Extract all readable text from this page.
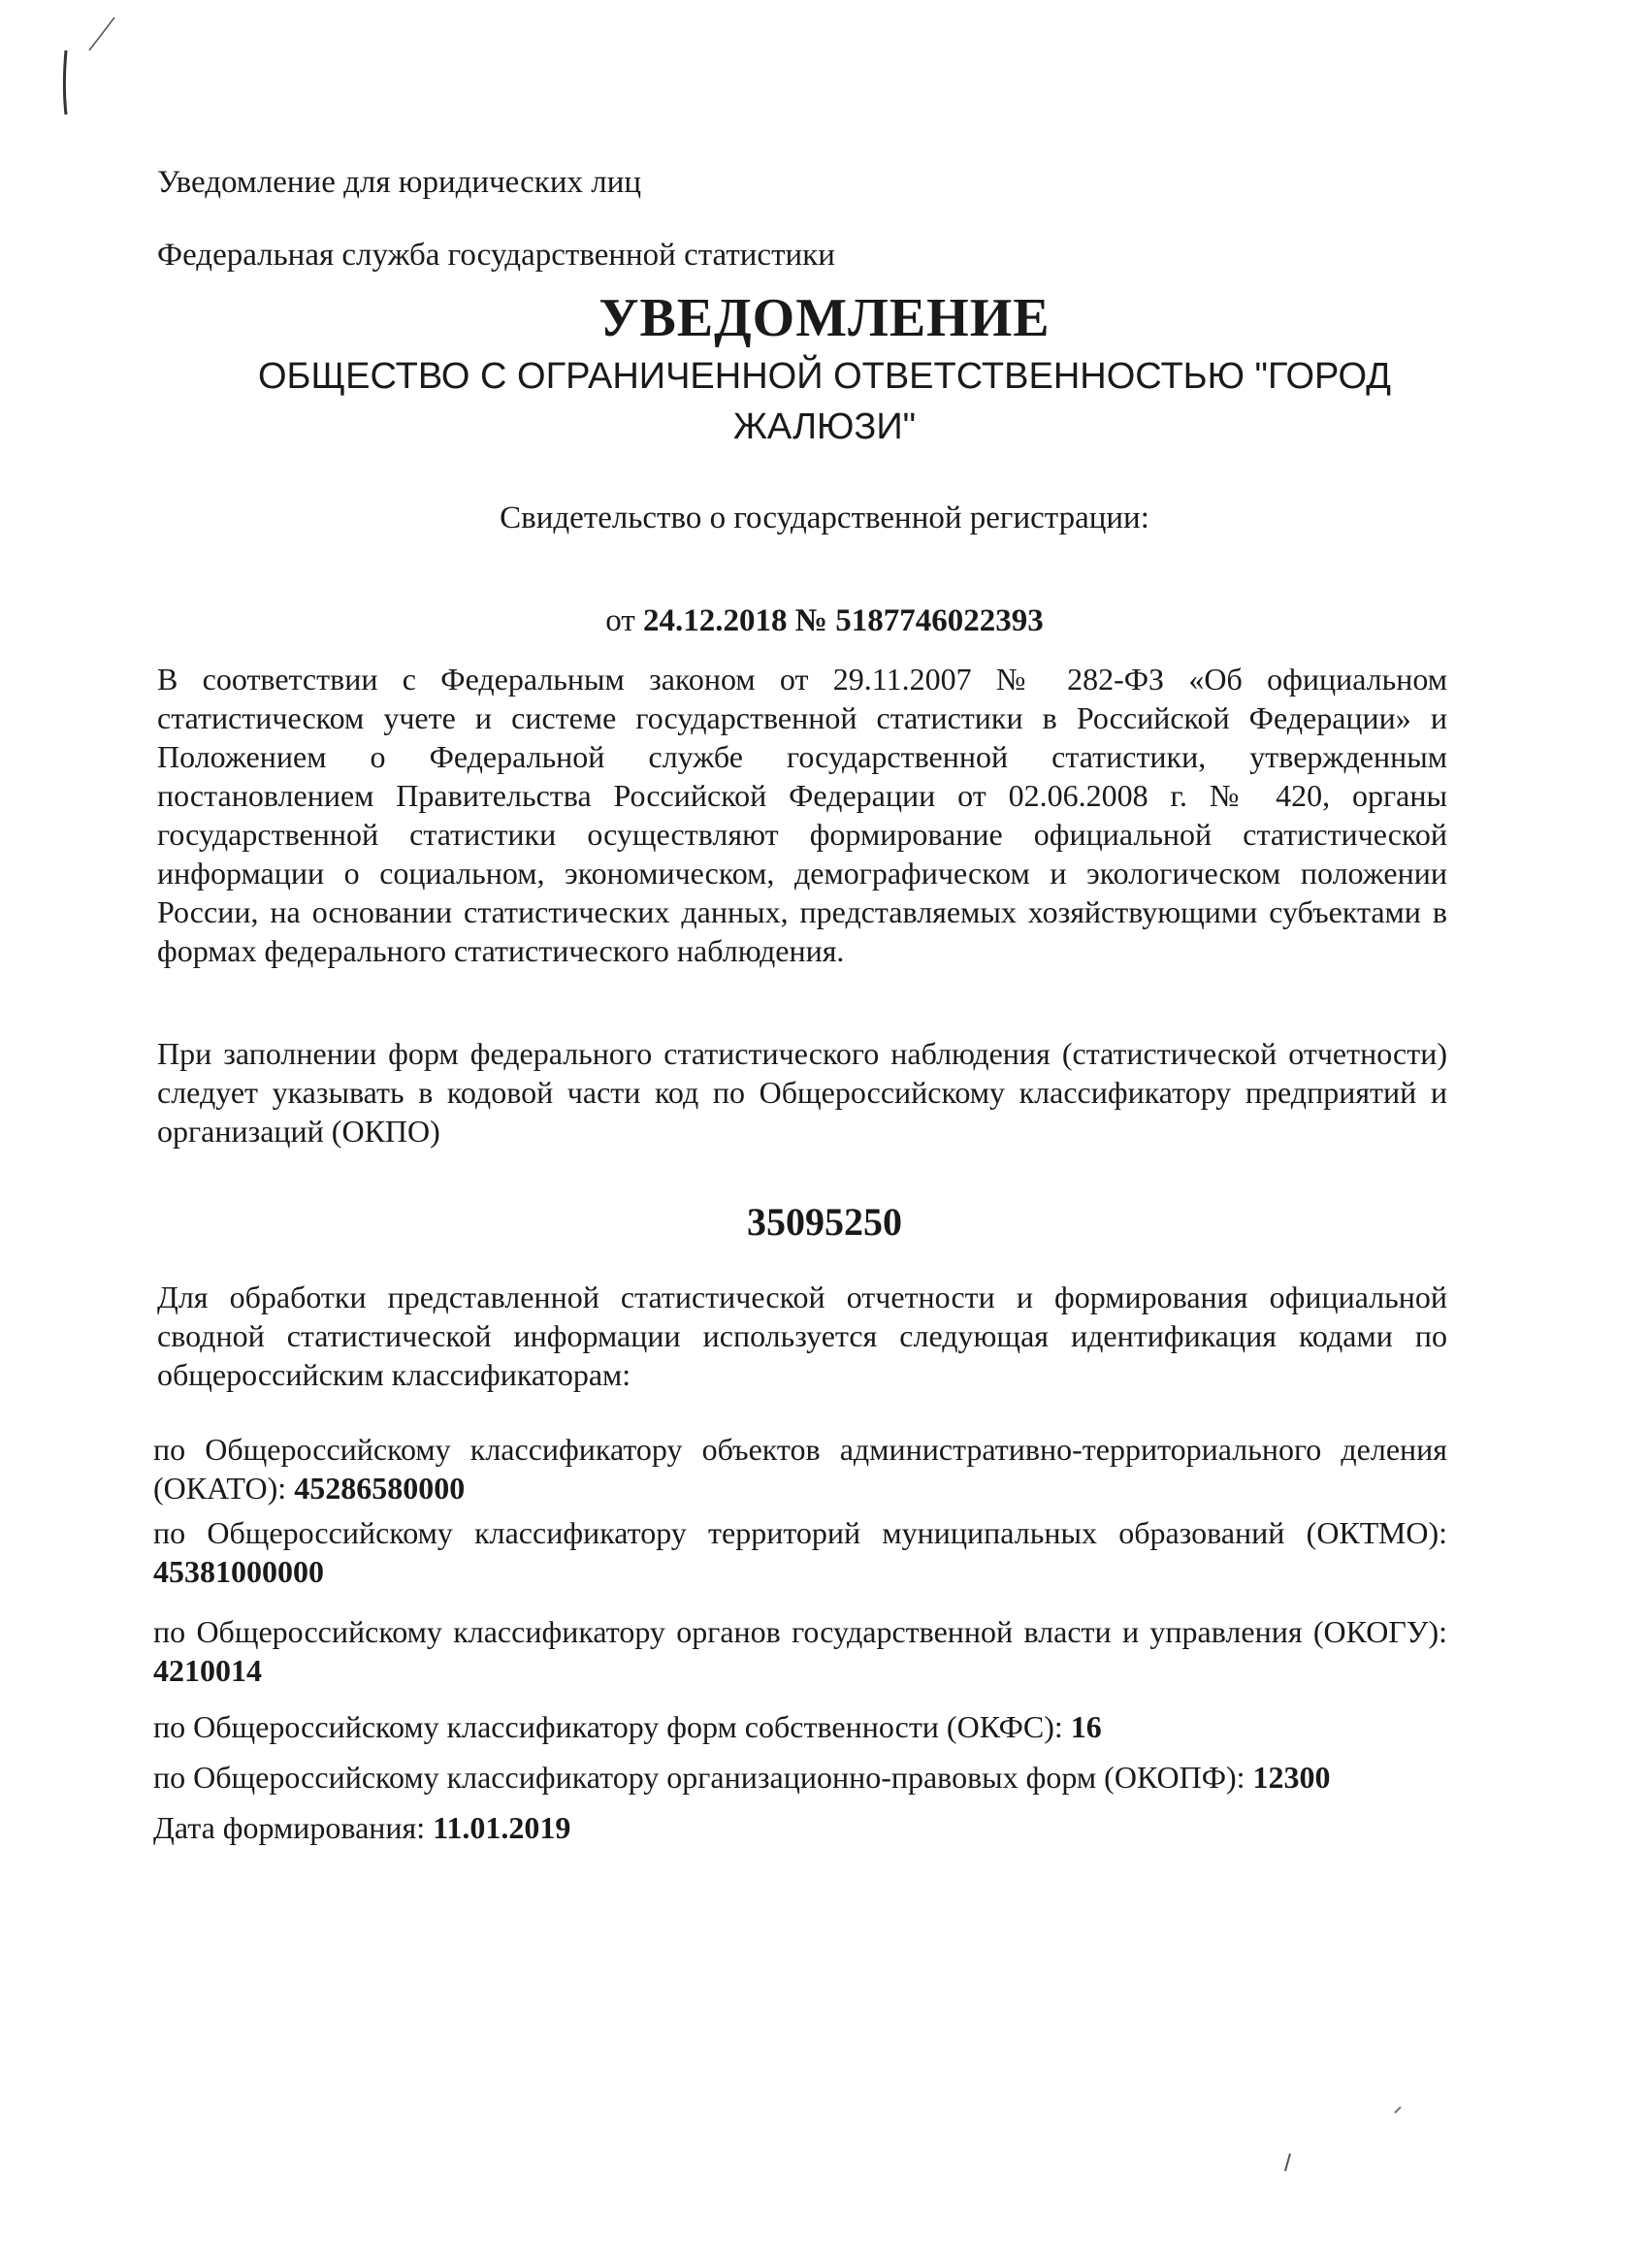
Уведомление для юридических лиц

Федеральная служба государственной статистики

УВЕДОМЛЕНИЕ

ОБЩЕСТВО С ОГРАНИЧЕННОЙ ОТВЕТСТВЕННОСТЬЮ "ГОРОД ЖАЛЮЗИ"

Свидетельство о государственной регистрации:

от 24.12.2018 № 5187746022393

В соответствии с Федеральным законом от 29.11.2007 № 282-ФЗ «Об официальном статистическом учете и системе государственной статистики в Российской Федерации» и Положением о Федеральной службе государственной статистики, утвержденным постановлением Правительства Российской Федерации от 02.06.2008 г. № 420, органы государственной статистики осуществляют формирование официальной статистической информации о социальном, экономическом, демографическом и экологическом положении России, на основании статистических данных, представляемых хозяйствующими субъектами в формах федерального статистического наблюдения.

При заполнении форм федерального статистического наблюдения (статистической отчетности) следует указывать в кодовой части код по Общероссийскому классификатору предприятий и организаций (ОКПО)

35095250

Для обработки представленной статистической отчетности и формирования официальной сводной статистической информации используется следующая идентификация кодами по общероссийским классификаторам:

по Общероссийскому классификатору объектов административно-территориального деления (ОКАТО): 45286580000

по Общероссийскому классификатору территорий муниципальных образований (ОКТМО): 45381000000

по Общероссийскому классификатору органов государственной власти и управления (ОКОГУ): 4210014

по Общероссийскому классификатору форм собственности (ОКФС): 16

по Общероссийскому классификатору организационно-правовых форм (ОКОПФ): 12300

Дата формирования: 11.01.2019
